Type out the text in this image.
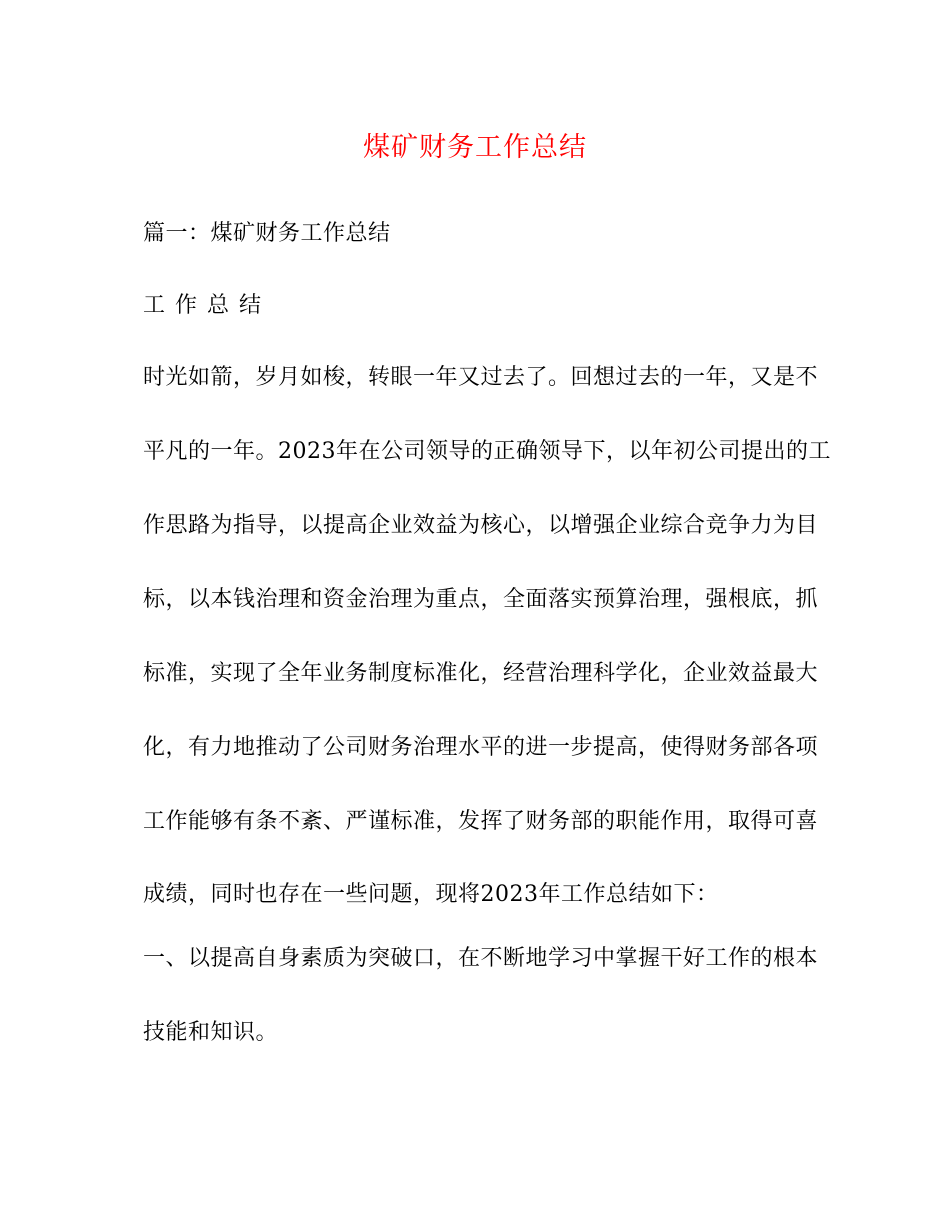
煤矿财务工作总结
篇一：煤矿财务工作总结
工作总结
时光如箭，岁月如梭，转眼一年又过去了。回想过去的一年，又是不
平凡的一年。2023年在公司领导的正确领导下，以年初公司提出的工
作思路为指导，以提高企业效益为核心，以增强企业综合竞争力为目
标，以本钱治理和资金治理为重点，全面落实预算治理，强根底，抓
标准，实现了全年业务制度标准化，经营治理科学化，企业效益最大
化，有力地推动了公司财务治理水平的进一步提高，使得财务部各项
工作能够有条不紊、严谨标准，发挥了财务部的职能作用，取得可喜
成绩，同时也存在一些问题，现将2023年工作总结如下：
一、以提高自身素质为突破口，在不断地学习中掌握干好工作的根本
技能和知识。
